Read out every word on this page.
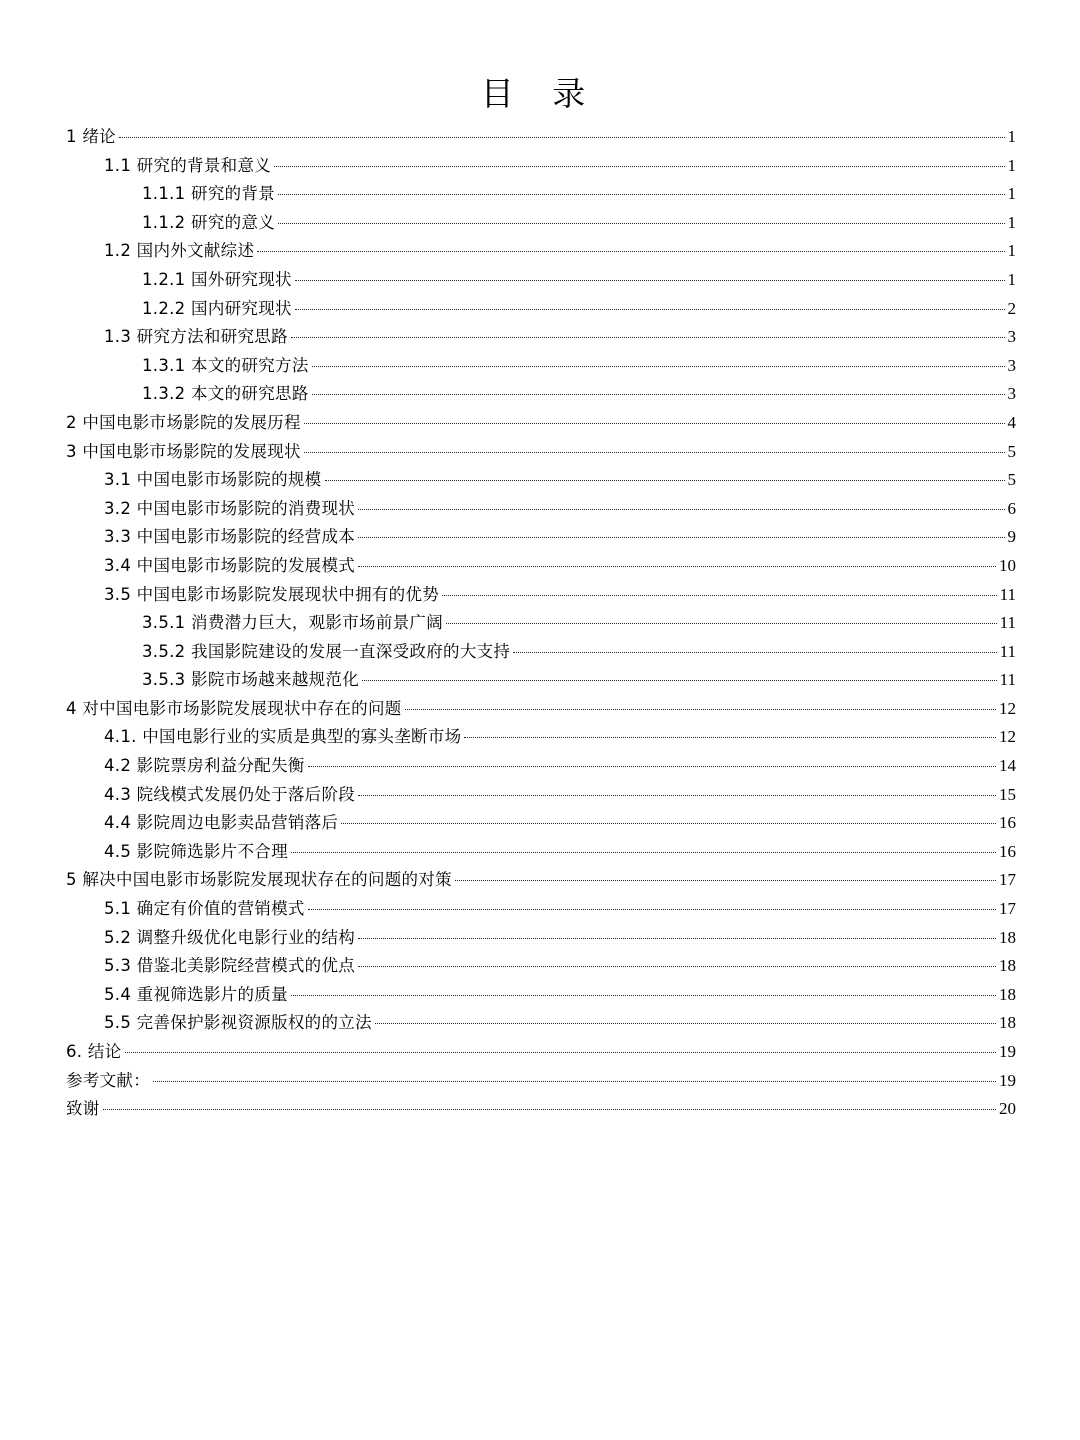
目 录
1 绪论	1
1.1 研究的背景和意义	1
1.1.1 研究的背景	1
1.1.2 研究的意义	1
1.2 国内外文献综述	1
1.2.1 国外研究现状	1
1.2.2 国内研究现状	2
1.3 研究方法和研究思路	3
1.3.1 本文的研究方法	3
1.3.2 本文的研究思路	3
2 中国电影市场影院的发展历程	4
3 中国电影市场影院的发展现状	5
3.1 中国电影市场影院的规模	5
3.2 中国电影市场影院的消费现状	6
3.3 中国电影市场影院的经营成本	9
3.4 中国电影市场影院的发展模式	10
3.5 中国电影市场影院发展现状中拥有的优势	11
3.5.1 消费潜力巨大，观影市场前景广阔	11
3.5.2 我国影院建设的发展一直深受政府的大支持	11
3.5.3 影院市场越来越规范化	11
4 对中国电影市场影院发展现状中存在的问题	12
4.1. 中国电影行业的实质是典型的寡头垄断市场	12
4.2 影院票房利益分配失衡	14
4.3 院线模式发展仍处于落后阶段	15
4.4 影院周边电影卖品营销落后	16
4.5 影院筛选影片不合理	16
5 解决中国电影市场影院发展现状存在的问题的对策	17
5.1 确定有价值的营销模式	17
5.2 调整升级优化电影行业的结构	18
5.3 借鉴北美影院经营模式的优点	18
5.4 重视筛选影片的质量	18
5.5 完善保护影视资源版权的的立法	18
6. 结论	19
参考文献：	19
致谢	20
